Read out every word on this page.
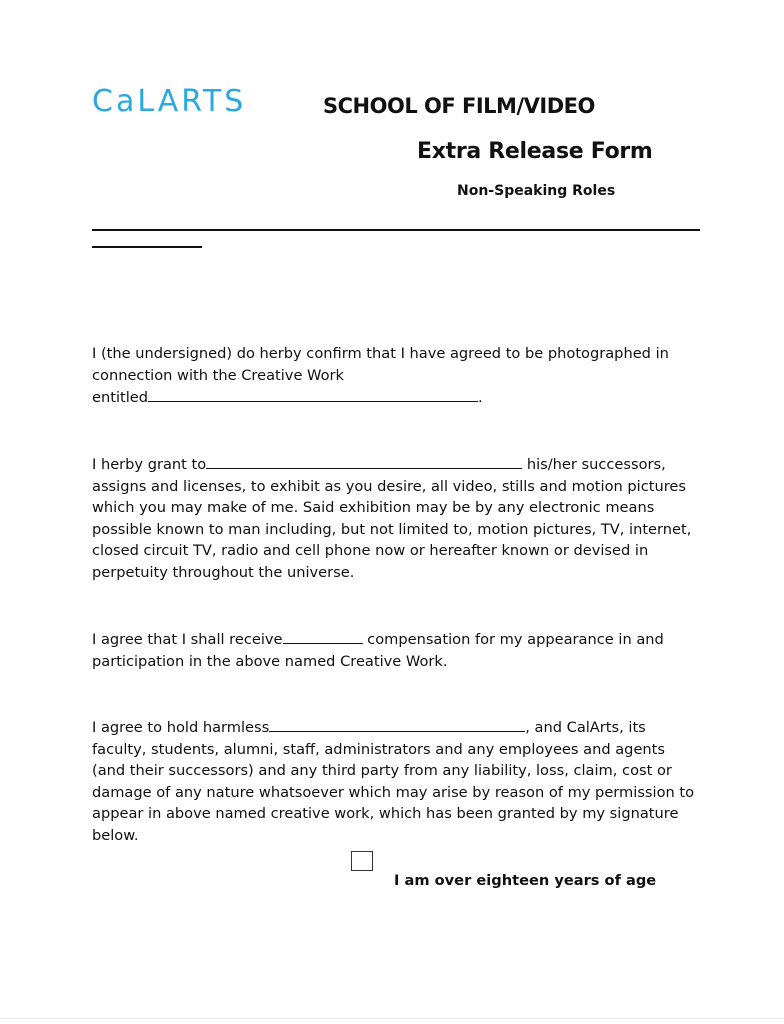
CaLARTS	SCHOOL OF FILM/VIDEO
Extra Release Form
Non-Speaking Roles

I (the undersigned) do herby confirm that I have agreed to be photographed in
connection with the Creative Work
entitled	.

I herby grant to	his/her successors,
assigns and licenses, to exhibit as you desire, all video, stills and motion pictures which you may make of me. Said exhibition may be by any electronic means possible known to man including, but not limited to, motion pictures, TV, internet, closed circuit TV, radio and cell phone now or hereafter known or devised in perpetuity throughout the universe.

I agree that I shall receive	compensation for my appearance in and participation in the above named Creative Work.

I agree to hold harmless	, and CalArts, its faculty, students, alumni, staff, administrators and any employees and agents (and their successors) and any third party from any liability, loss, claim, cost or damage of any nature whatsoever which may arise by reason of my permission to appear in above named creative work, which has been granted by my signature below.

I am over eighteen years of age
